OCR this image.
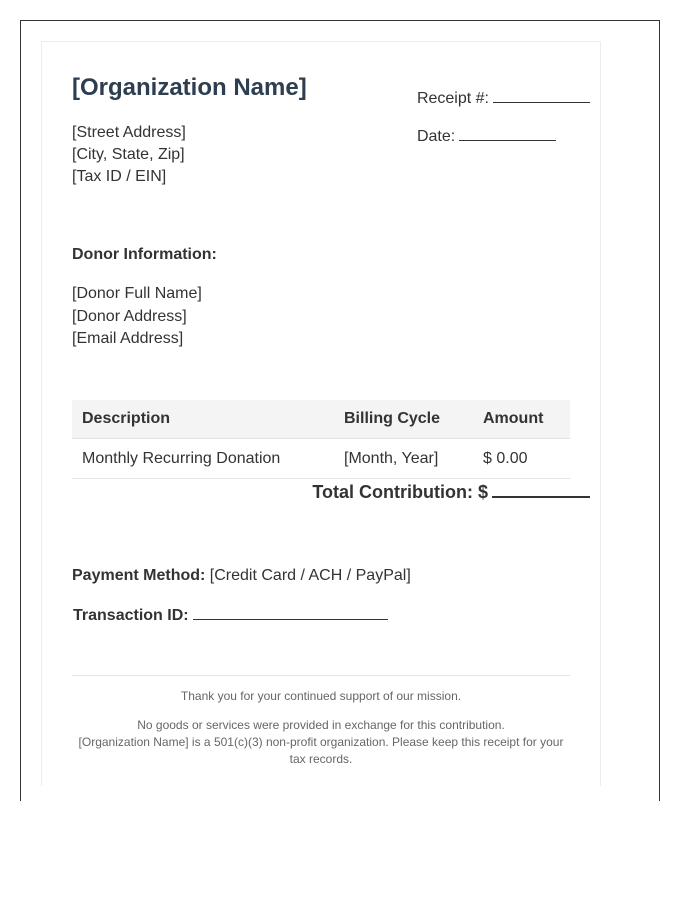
[Organization Name]
[Street Address]
[City, State, Zip]
[Tax ID / EIN]
Receipt #:
Date:
Donor Information:
[Donor Full Name]
[Donor Address]
[Email Address]
Description	Billing Cycle	Amount
Monthly Recurring Donation	[Month, Year]	$ 0.00
Total Contribution: $
Payment Method: [Credit Card / ACH / PayPal]
Transaction ID:

Thank you for your continued support of our mission.

No goods or services were provided in exchange for this contribution.

[Organization Name] is a 501(c)(3) non-profit organization. Please keep this receipt for your tax records.
